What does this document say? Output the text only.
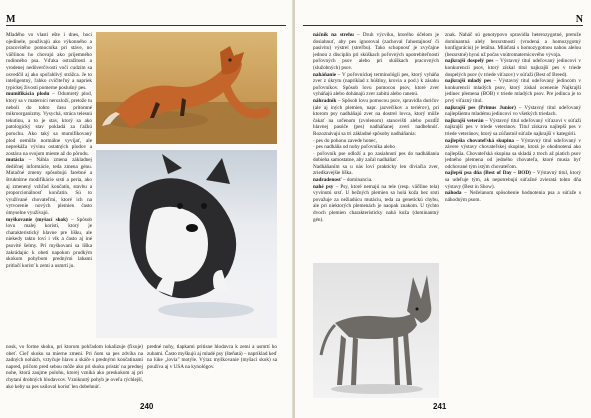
M

Mladého vo vlasti ešte i dnes, hoci ojedinele, používajú ako výkonného a pracovitého pomocníka pri stáve, no väčšinou ho chovajú ako prijemného rodinného psa. Vďaka ostražitosti a vrodenej nedôverčivosti voči cudzím sa osvedčil aj ako spoľahlivý strážca. Je to inteligentný, ľahko cvičiteľný a napriek typickej živosti pomerne poslušný pes.

mumifikácia plodu – Odumretý plod, ktorý sa v maternici nerozloží, pretože tu neboli do tohto času prítomné mikroorganizmy. Vysychá, stráca telesnú tekutinu, a to je stav, ktorý sa ako patologický stav pokladá za ťažkú poruchu. Ako taký sa mumifikovaný plod nemôže normálne vyvíjať, ale neprekáža vývinu ostatných plodov a zostáva na svojom mieste až do pôrodu.

mutácia – Náhla zmena základnej dedičnej informácie, teda zmena génu. Mutačné zmeny spôsobujú farebné a štruktúrne modifikácie srsti a peria, ako aj zmenený vzhľad končatín, stavbu a proporcionálnosť končatín. Sú to využívané chovateľmi, ktoré ich na vytvorenie nových plemien často úmyselne využívajú.

myškovanie (myšací skok) – Spôsob lovu malej koristi, ktorý je charakteristický hlavne pre líšku, ale niekedy takto loví i vlk a často aj iné psovité šelmy. Pri myškovaní sa líška zakrádajúc k obeti napokon prudkým skokom pohybom prednými labami pritlačí korisť k zemi a usmrtí ju.

nosk, vo forme skoku, pri ktorom pohľadom lokalizuje (fixuje) obeť. Cieľ skoku sa mierne zmení. Pri ňom sa pes zdvíha na zadných nohách, vztyčuje hlavu a skáče s prednými končatinami napred, pričom pred sebou môže ako pri skoku pristáť na prednej nohe, ktorá zaujme polohu, ktorej vzniká ako preskokom aj pri chytaní drobných hlodavcov. Vzniknutý pohyb je oveľa rýchlejší, ako keby sa pes usiloval korisť len dobehnúť.

predné nohy, tlapkami pritisne hlodavca k zemi a usmrtí ho zubami. Často myškujú aj mladé psy (šteňatá) – napríklad keď na lúke „lovia" motýle. Výraz myškovanie (myšací skok) sa používa aj v USA na kynológov.

240
N

náčník na strehu – Druh výcviku, ktorého účelom je dosiahnuť, aby pes ignoroval (zachoval ľahostajnosť či pasivitu) výstrel (streľbu). Tako schopnosť je zvyčajne jednou z disciplín pri skúškach poľovných upotrebiteľnosti poľovných psov alebo pri skúškach pracovných (služobných) psov.

naháňanie – V poľovníckej terminológii pes, ktorý vyháňa zver z úkrytu (napríklad z húštiny, krovia a pod.) k zásahu poľovníkov. Spôsob lovu pomocou psov, ktoré zver vyháňajú alebo dohánajú zver zabitú alebo ranenú.

náhradník – Spôsob lovu pomocou psov, spravidla duričov (ale aj iných plemien, napr. jazvečíkov a teriérov), pri ktorom psy nadháňajú zver na dostrel lovca, ktorý môže čakať na určenom (zvolenom) stanovišti alebo pozdĺž hlavnej pasúče (pes) nadháňanej zveri nadbehnúť. Rozoznávajú sa tri základné spôsoby nadháňania:

· pes do pohonu zavede honec,

· pes nadháňa od nohy poľovníka alebo

· poľovník pse odloží a po zasiahnutí pes do nadháňania dobieha samostatne, aby začal nadháňať.

Nadháňaním sa u nás loví prakticky len diviačia zver, zriedkavejšie líška.

nadradenosť – dominancia.

nahé psy – Psy, ktoré nemajú na tele (resp. väčšine tela) vyvinutú srsť. U bežných plemien sa holá koža bez srsti považuje za nežiadúcu mutáciu, teda za genetickú chybu, ale pri niektorých plemenách je naopak znakom. U týchto dvoch plemien charakteristicky nahá koža (dominantný gén).

znak. Naháč sú genotypovo spravidla heterozygotné, pretože dominantná alely bezsrstnosti (vrodená a homozygotný konfiguráciu) je letálna. Mláďatá s homozygotnou nahou alelou (bezsrstné) hynú už počas vnútromaternicového vývoja.

najkrajší dospelý pes – Výstavný titul udeľovaný jedincovi v konkurencii psov, ktorý získal titul najkrajší pes v triede dospelých psov (v triede víťazov) v súťaži (Best of Breed).

najkrajší mladý pes – Výstavný titul udeľovaný jedincom v konkurencii mladých psov, ktorý získal ocenenie Najkrajší jedinec plemena (BOB) v triede mladých psov. Pre jedinca je to prvý víťazný titul.

najkrajší pes (Primus Junior) – Výstavný titul udeľovaný najlepšiemu mladému jedincovi vo všetkých triedach.

najkrajší veterán – Výstavný titul udeľovaný víťazovi v súťaži najkrajší pes v triede veteránov. Titul získava najlepší pes v triede veteránov, ktorý sa zúčastnil súťaže najkrajší v kategórii.

najlepšia chovateľská skupina – Výstavný titul udeľovaný v závere výstavy chovateľskej skupine, ktorá je ohodnotená ako najlepšia. Chovateľská skupina sa skladá z troch až piatich psov jedného plemena od jedného chovateľa, ktoré musia byť odchované tým istým chovateľom.

najlepší psa dňa (Best of Day – BOD) – Výstavný titul, ktorý sa udeľuje tým, ak nepotrebujú súťažné zvieratá tohto dňa výstavy (Best in Show).

náhoda – Neželanom spôsobenie hodnotenia psa a súťaže s náhodným psom.

241
